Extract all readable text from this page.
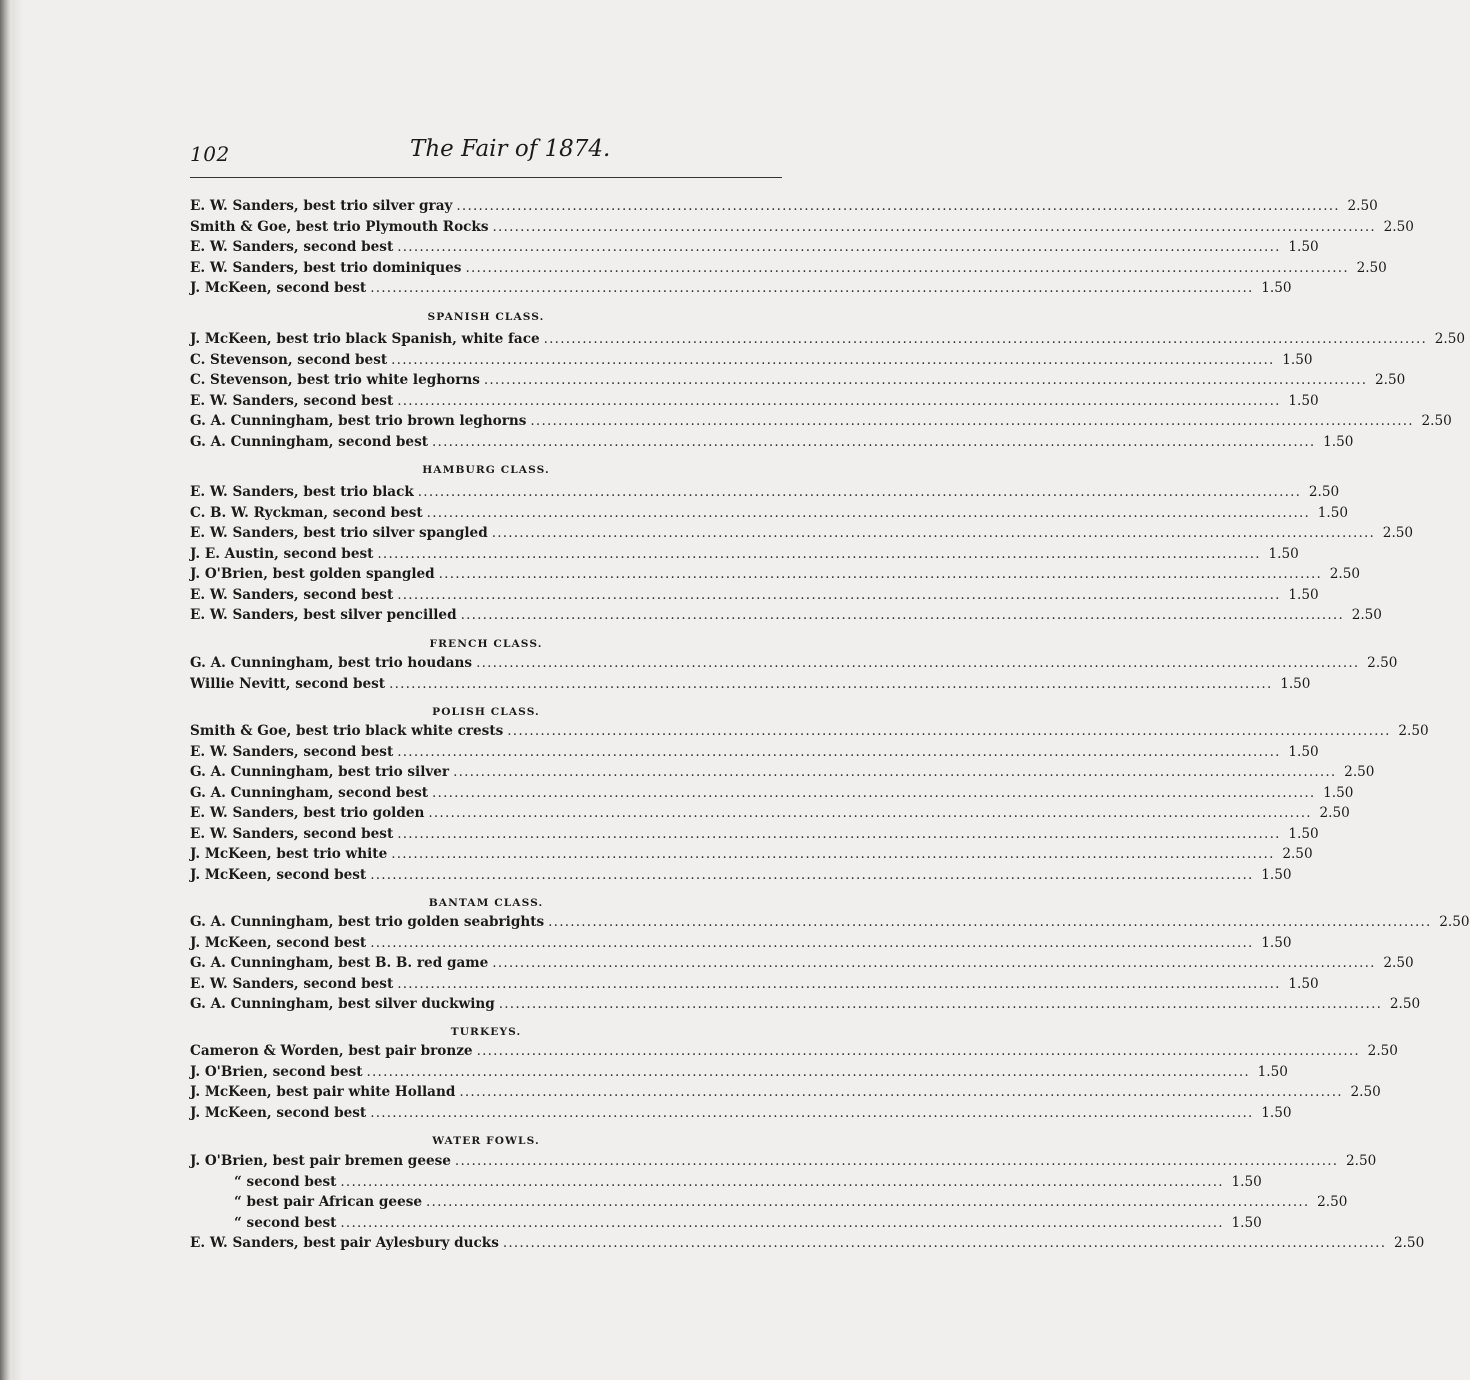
102	The Fair of 1874.
E. W. Sanders, best trio silver gray ................................................................................................................................................................ 2.50
Smith & Goe, best trio Plymouth Rocks ................................................................................................................................................................ 2.50
E. W. Sanders, second best ................................................................................................................................................................ 1.50
E. W. Sanders, best trio dominiques ................................................................................................................................................................ 2.50
J. McKeen, second best ................................................................................................................................................................ 1.50
SPANISH CLASS.
J. McKeen, best trio black Spanish, white face ................................................................................................................................................................ 2.50
C. Stevenson, second best ................................................................................................................................................................ 1.50
C. Stevenson, best trio white leghorns ................................................................................................................................................................ 2.50
E. W. Sanders, second best ................................................................................................................................................................ 1.50
G. A. Cunningham, best trio brown leghorns ................................................................................................................................................................ 2.50
G. A. Cunningham, second best ................................................................................................................................................................ 1.50
HAMBURG CLASS.
E. W. Sanders, best trio black ................................................................................................................................................................ 2.50
C. B. W. Ryckman, second best ................................................................................................................................................................ 1.50
E. W. Sanders, best trio silver spangled ................................................................................................................................................................ 2.50
J. E. Austin, second best ................................................................................................................................................................ 1.50
J. O'Brien, best golden spangled ................................................................................................................................................................ 2.50
E. W. Sanders, second best ................................................................................................................................................................ 1.50
E. W. Sanders, best silver pencilled ................................................................................................................................................................ 2.50
FRENCH CLASS.
G. A. Cunningham, best trio houdans ................................................................................................................................................................ 2.50
Willie Nevitt, second best ................................................................................................................................................................ 1.50
POLISH CLASS.
Smith & Goe, best trio black white crests ................................................................................................................................................................ 2.50
E. W. Sanders, second best ................................................................................................................................................................ 1.50
G. A. Cunningham, best trio silver ................................................................................................................................................................ 2.50
G. A. Cunningham, second best ................................................................................................................................................................ 1.50
E. W. Sanders, best trio golden ................................................................................................................................................................ 2.50
E. W. Sanders, second best ................................................................................................................................................................ 1.50
J. McKeen, best trio white ................................................................................................................................................................ 2.50
J. McKeen, second best ................................................................................................................................................................ 1.50
BANTAM CLASS.
G. A. Cunningham, best trio golden seabrights ................................................................................................................................................................ 2.50
J. McKeen, second best ................................................................................................................................................................ 1.50
G. A. Cunningham, best B. B. red game ................................................................................................................................................................ 2.50
E. W. Sanders, second best ................................................................................................................................................................ 1.50
G. A. Cunningham, best silver duckwing ................................................................................................................................................................ 2.50
TURKEYS.
Cameron & Worden, best pair bronze ................................................................................................................................................................ 2.50
J. O'Brien, second best ................................................................................................................................................................ 1.50
J. McKeen, best pair white Holland ................................................................................................................................................................ 2.50
J. McKeen, second best ................................................................................................................................................................ 1.50
WATER FOWLS.
J. O'Brien, best pair bremen geese ................................................................................................................................................................ 2.50
“ second best ................................................................................................................................................................ 1.50
“ best pair African geese ................................................................................................................................................................ 2.50
“ second best ................................................................................................................................................................ 1.50
E. W. Sanders, best pair Aylesbury ducks ................................................................................................................................................................ 2.50
